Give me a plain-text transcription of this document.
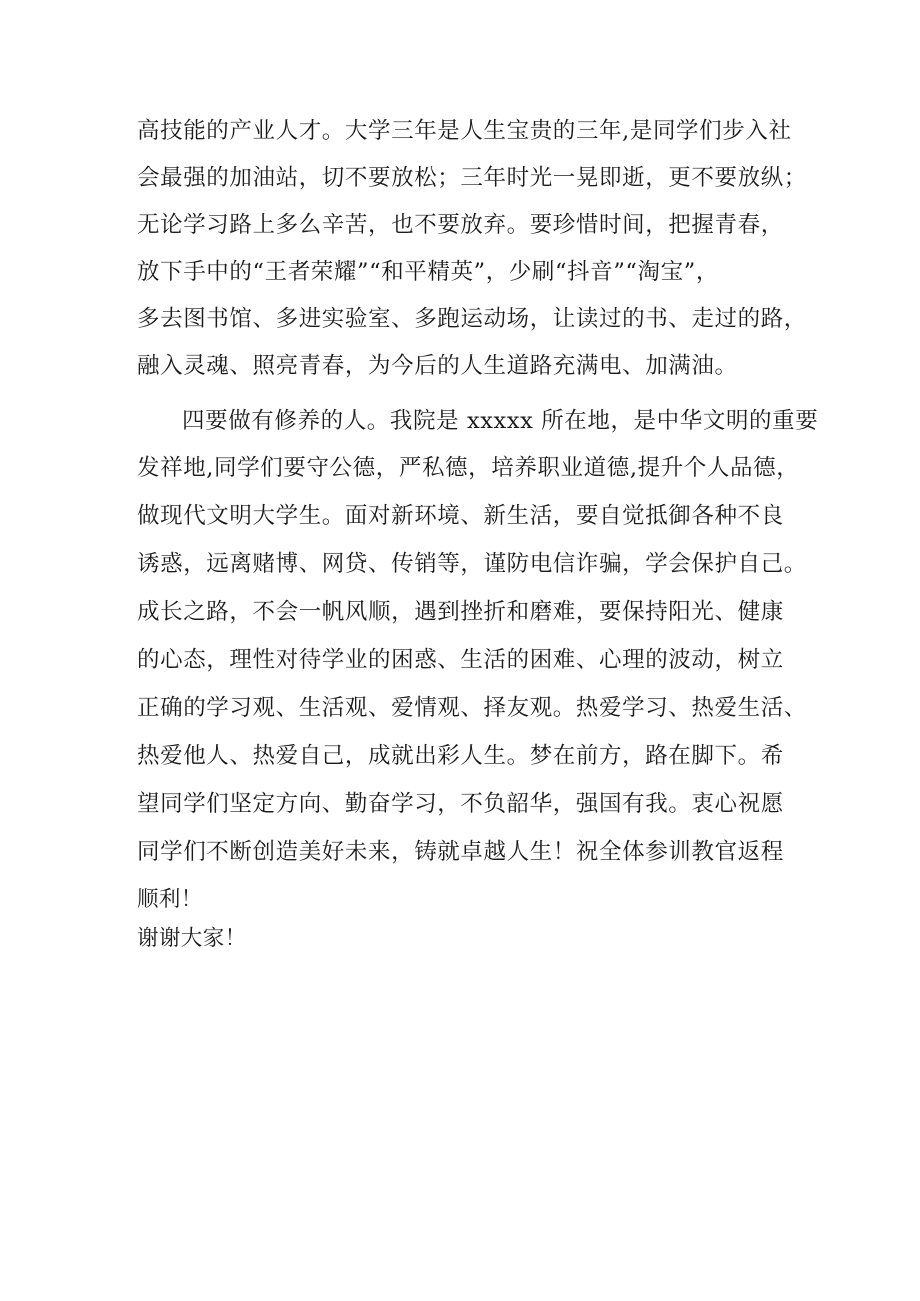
高技能的产业人才。大学三年是人生宝贵的三年,是同学们步入社
会最强的加油站，切不要放松；三年时光一晃即逝，更不要放纵；
无论学习路上多么辛苦，也不要放弃。要珍惜时间，把握青春，
放下手中的“王者荣耀”“和平精英”，少刷“抖音”“淘宝”，
多去图书馆、多进实验室、多跑运动场，让读过的书、走过的路，
融入灵魂、照亮青春，为今后的人生道路充满电、加满油。
四要做有修养的人。我院是 xxxxx 所在地，是中华文明的重要
发祥地,同学们要守公德，严私德，培养职业道德,提升个人品德，
做现代文明大学生。面对新环境、新生活，要自觉抵御各种不良
诱惑，远离赌博、网贷、传销等，谨防电信诈骗，学会保护自己。
成长之路，不会一帆风顺，遇到挫折和磨难，要保持阳光、健康
的心态，理性对待学业的困惑、生活的困难、心理的波动，树立
正确的学习观、生活观、爱情观、择友观。热爱学习、热爱生活、
热爱他人、热爱自己，成就出彩人生。梦在前方，路在脚下。希
望同学们坚定方向、勤奋学习，不负韶华，强国有我。衷心祝愿
同学们不断创造美好未来，铸就卓越人生！祝全体参训教官返程
顺利！
谢谢大家！
